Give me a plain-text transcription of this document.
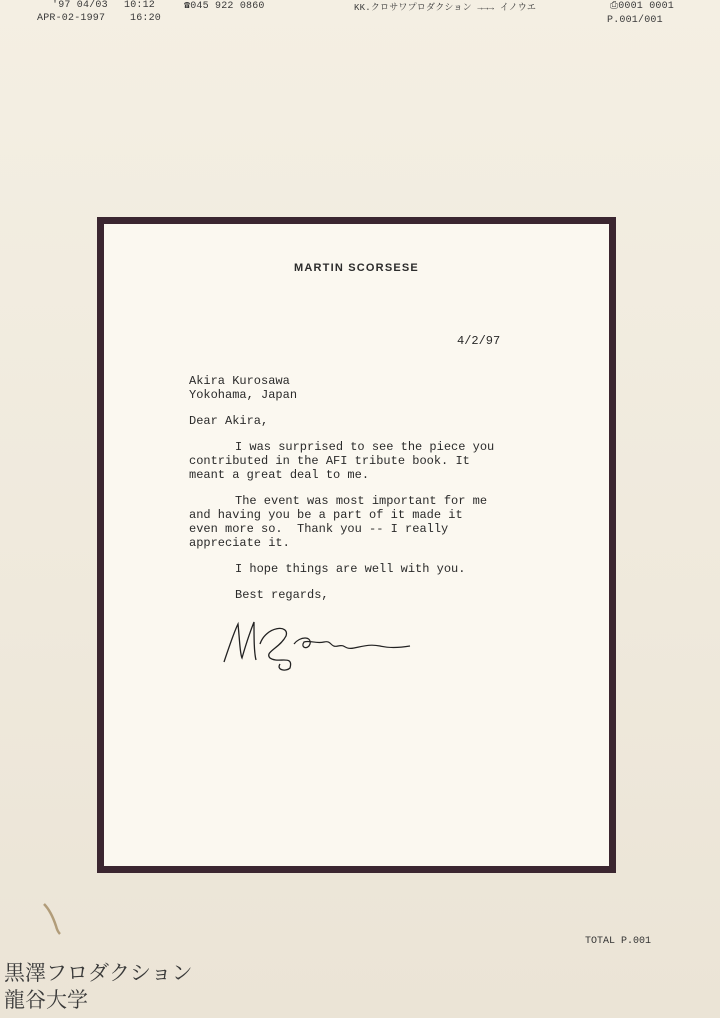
'97 04/03 10:12	☎045 922 0860	KK.クロサワプロダクション →→→ イノウエ	⎙0001 0001
APR-02-1997 16:20	P.001/001
MARTIN SCORSESE
4/2/97
Akira Kurosawa
Yokohama, Japan
Dear Akira,
I was surprised to see the piece you
contributed in the AFI tribute book. It
meant a great deal to me.
The event was most important for me
and having you be a part of it made it
even more so.  Thank you -- I really
appreciate it.
I hope things are well with you.
Best regards,
TOTAL P.001
黒澤フロダクション
龍谷大学
